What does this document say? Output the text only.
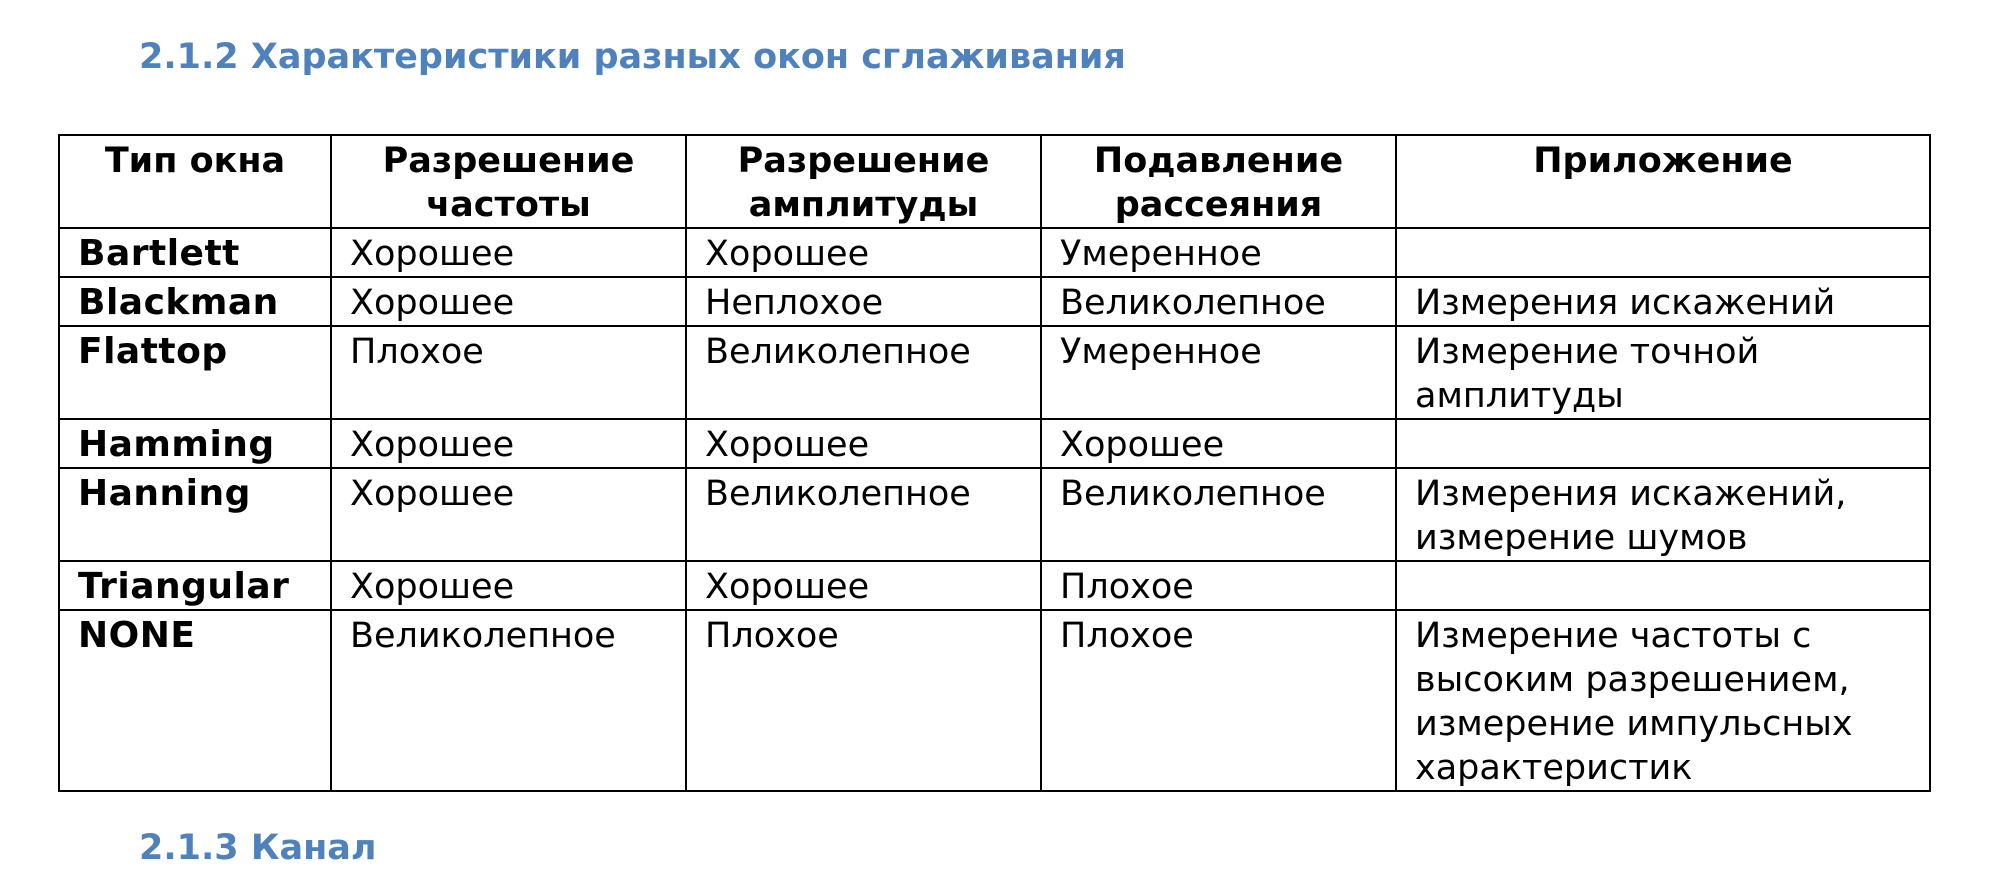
2.1.2 Характеристики разных окон сглаживания
Тип окна	Разрешение частоты	Разрешение амплитуды	Подавление рассеяния	Приложение
Bartlett	Хорошее	Хорошее	Умеренное	
Blackman	Хорошее	Неплохое	Великолепное	Измерения искажений
Flattop	Плохое	Великолепное	Умеренное	Измерение точной амплитуды
Hamming	Хорошее	Хорошее	Хорошее	
Hanning	Хорошее	Великолепное	Великолепное	Измерения искажений, измерение шумов
Triangular	Хорошее	Хорошее	Плохое	
NONE	Великолепное	Плохое	Плохое	Измерение частоты с высоким разрешением, измерение импульсных характеристик
2.1.3 Канал
